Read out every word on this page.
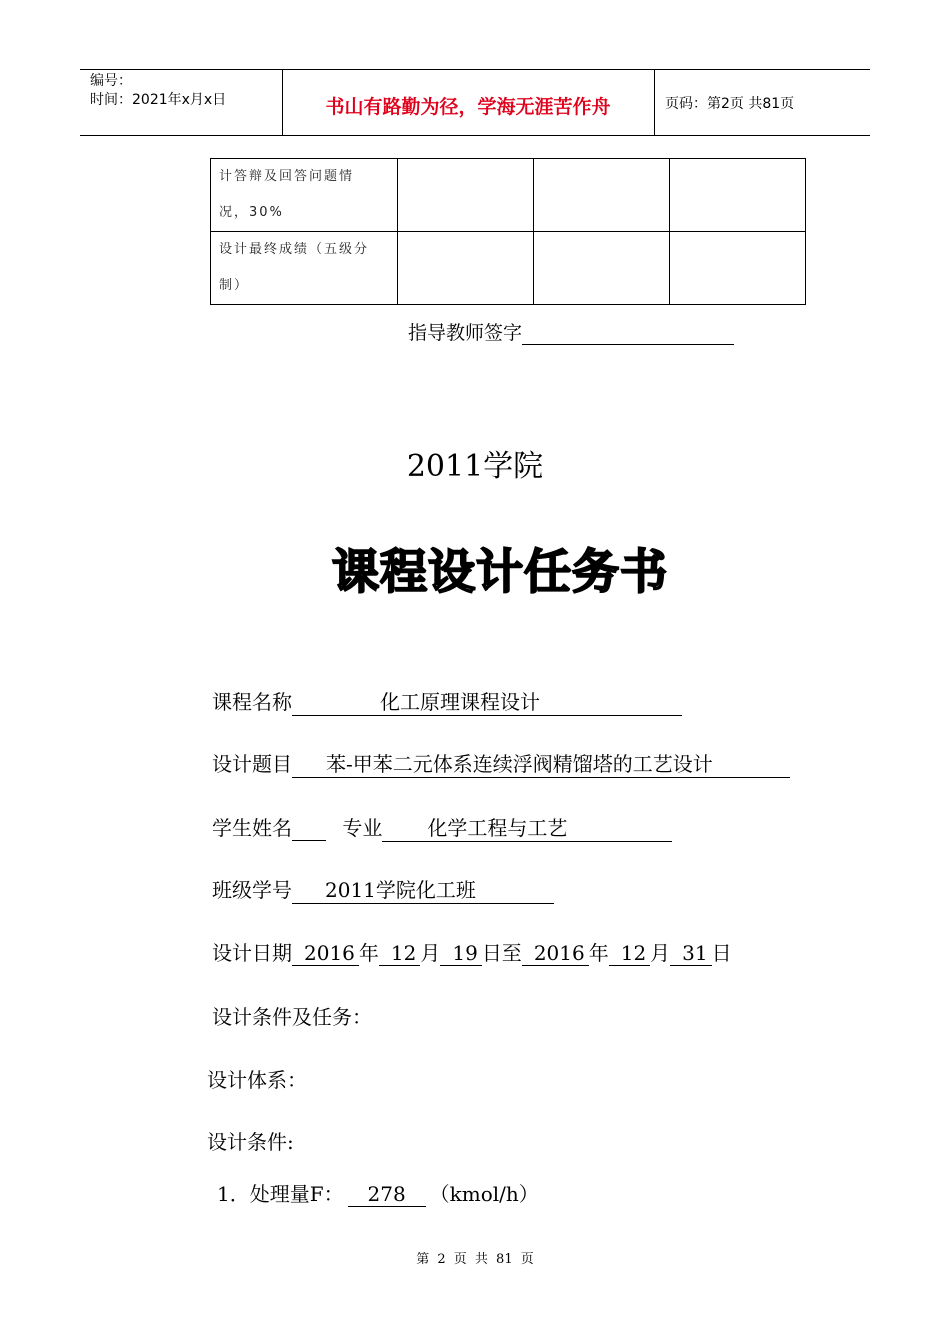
编号：
时间：2021年x月x日	书山有路勤为径，学海无涯苦作舟	页码：第2页 共81页
计答辩及回答问题情
况，30%			

设计最终成绩（五级分
制）			

指导教师签字
2011学院
课程设计任务书
课程名称	化工原理课程设计
设计题目 苯-甲苯二元体系连续浮阀精馏塔的工艺设计
学生姓名	专业 化学工程与工艺
班级学号 2011学院化工班
设计日期 2016 年 12 月 19 日至 2016 年 12 月 31 日
设计条件及任务：
设计体系：
设计条件:
1．处理量F： 278 （kmol/h）
第 2 页 共 81 页
